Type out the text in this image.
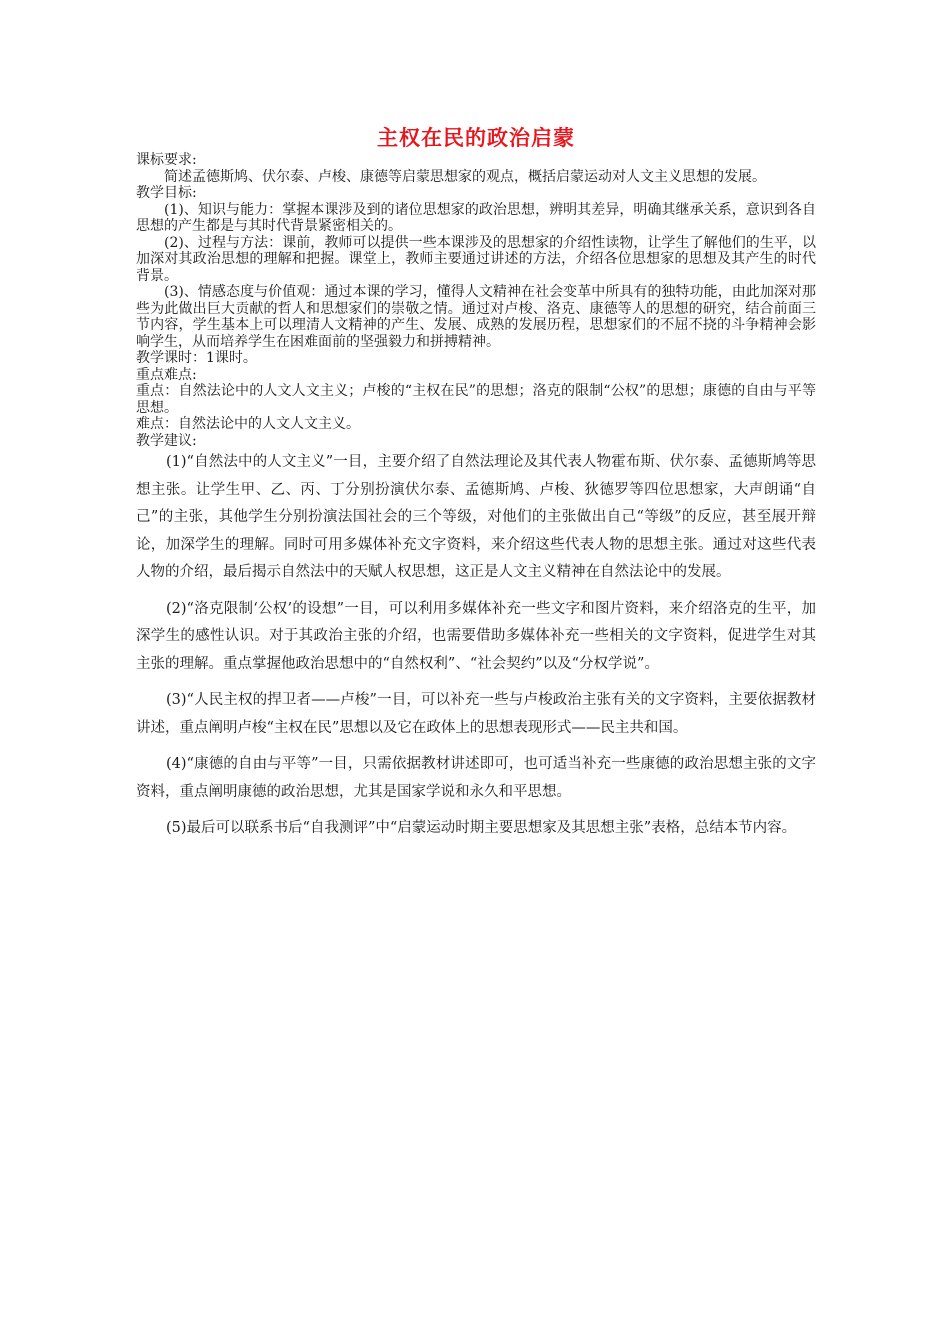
主权在民的政治启蒙

课标要求:

简述孟德斯鸠、伏尔泰、卢梭、康德等启蒙思想家的观点，概括启蒙运动对人文主义思想的发展。

教学目标:

(1)、知识与能力：掌握本课涉及到的诸位思想家的政治思想，辨明其差异，明确其继承关系，意识到各自思想的产生都是与其时代背景紧密相关的。

(2)、过程与方法：课前，教师可以提供一些本课涉及的思想家的介绍性读物，让学生了解他们的生平，以加深对其政治思想的理解和把握。课堂上，教师主要通过讲述的方法，介绍各位思想家的思想及其产生的时代背景。

(3)、情感态度与价值观：通过本课的学习，懂得人文精神在社会变革中所具有的独特功能，由此加深对那些为此做出巨大贡献的哲人和思想家们的崇敬之情。通过对卢梭、洛克、康德等人的思想的研究，结合前面三节内容，学生基本上可以理清人文精神的产生、发展、成熟的发展历程，思想家们的不屈不挠的斗争精神会影响学生，从而培养学生在困难面前的坚强毅力和拼搏精神。

教学课时：1课时。

重点难点:

重点：自然法论中的人文人文主义；卢梭的“主权在民”的思想；洛克的限制“公权”的思想；康德的自由与平等思想。

难点：自然法论中的人文人文主义。

教学建议:

(1)“自然法中的人文主义”一目，主要介绍了自然法理论及其代表人物霍布斯、伏尔泰、孟德斯鸠等思想主张。让学生甲、乙、丙、丁分别扮演伏尔泰、孟德斯鸠、卢梭、狄德罗等四位思想家，大声朗诵“自己”的主张，其他学生分别扮演法国社会的三个等级，对他们的主张做出自己“等级”的反应，甚至展开辩论，加深学生的理解。同时可用多媒体补充文字资料，来介绍这些代表人物的思想主张。通过对这些代表人物的介绍，最后揭示自然法中的天赋人权思想，这正是人文主义精神在自然法论中的发展。

(2)“洛克限制‘公权’的设想”一目，可以利用多媒体补充一些文字和图片资料，来介绍洛克的生平，加深学生的感性认识。对于其政治主张的介绍，也需要借助多媒体补充一些相关的文字资料，促进学生对其主张的理解。重点掌握他政治思想中的“自然权利”、“社会契约”以及“分权学说”。

(3)“人民主权的捍卫者——卢梭”一目，可以补充一些与卢梭政治主张有关的文字资料，主要依据教材讲述，重点阐明卢梭“主权在民”思想以及它在政体上的思想表现形式——民主共和国。

(4)“康德的自由与平等”一目，只需依据教材讲述即可，也可适当补充一些康德的政治思想主张的文字资料，重点阐明康德的政治思想，尤其是国家学说和永久和平思想。

(5)最后可以联系书后“自我测评”中“启蒙运动时期主要思想家及其思想主张”表格，总结本节内容。
